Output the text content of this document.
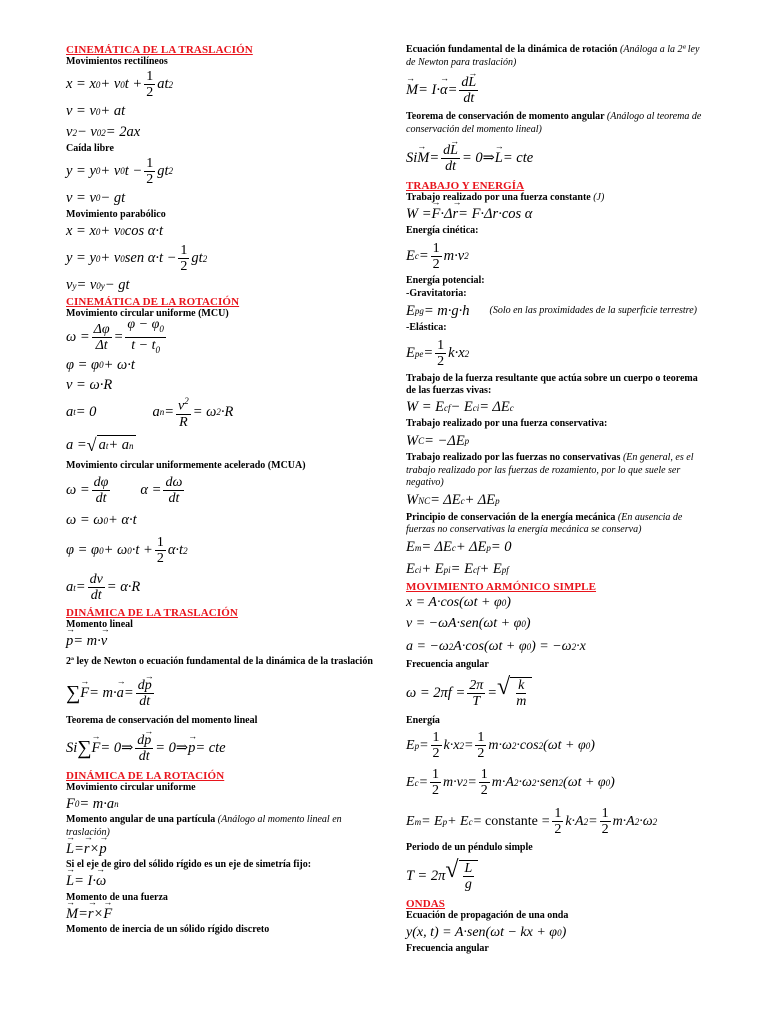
CINEMÁTICA DE LA TRASLACIÓN
Movimientos rectilíneos
x = x 0 + v 0 $t + \frac{1}{2}$ at 2
v = v 0 + at
v 2 − v 0 2 = 2ax
Caída libre
y = y 0 + v 0 $t - \frac{1}{2}$ gt 2
v = v 0 − gt
Movimiento parabólico
x = x 0 + v 0 cos α·t
y = y 0 + v 0 sen $\alpha\cdot t - \frac{1}{2}$ gt 2
v y = v 0y − gt
CINEMÁTICA DE LA ROTACIÓN
Movimiento circular uniforme (MCU)
$\omega = \frac{\Delta\varphi}{\Delta t} = \frac{\varphi - \varphi_0}{t - t_0}$
φ = φ 0 + ω·t
v = ω·R
a t = 0	a $n = \frac{v^2}{R} = \omega$ 2 ·R
a = √ a t + a n
Movimiento circular uniformemente acelerado (MCUA)
$\omega = \frac{d\varphi}{dt}$ $\alpha = \frac{d\omega}{dt}$
ω = ω 0 + α·t
φ = φ 0 + ω $0 \cdot t + \frac{1}{2} \alpha\cdot t$ 2
a $t = \frac{dv}{dt} = \alpha\cdot R$
DINÁMICA DE LA TRASLACIÓN
Momento lineal
→ p = m·
→ v
2ª ley de Newton o ecuación fundamental de la dinámica de la traslación
∑
→ F = m·
→ $a = \frac{d\to p}{dt}$
Teorema de conservación del momento lineal
Si ∑
→ F = 0 ⇒ $\frac{d\to p}{dt} = 0$ ⇒
→ p = cte
DINÁMICA DE LA ROTACIÓN
Movimiento circular uniforme
F 0 = m·a n
Momento angular de una partícula (Análogo al momento lineal en traslación)
→ L =
→ r ×
→ p
Si el eje de giro del sólido rígido es un eje de simetría fijo:
→ L = I·
→ ω
Momento de una fuerza
→ M =
→ r ×
→ F
Momento de inercia de un sólido rígido discreto
Ecuación fundamental de la dinámica de rotación (Análoga a la 2ª ley de Newton para traslación)
→ M = I·
→ $\alpha = \frac{d\to L}{dt}$
Teorema de conservación de momento angular (Análogo al teorema de conservación del momento lineal)
Si
→ $M = \frac{d\to L}{dt} = 0$ ⇒
→ L = cte
TRABAJO Y ENERGÍA
Trabajo realizado por una fuerza constante (J)
W =
→ F ·Δ
→ r = F·Δr·cos α
Energía cinética:
E $c = \frac{1}{2} m\cdot v$ 2
Energía potencial:
-Gravitatoria:
E pg = m·g·h (Solo en las proximidades de la superficie terrestre)
-Elástica:
E pe = $\frac{1}{2} k\cdot x$ 2
Trabajo de la fuerza resultante que actúa sobre un cuerpo o teorema de las fuerzas vivas:
W = E cf − E ci = ΔE c
Trabajo realizado por una fuerza conservativa:
W C = −ΔE p
Trabajo realizado por las fuerzas no conservativas (En general, es el trabajo realizado por las fuerzas de rozamiento, por lo que suele ser negativo)
W NC = ΔE c + ΔE p
Principio de conservación de la energía mecánica (En ausencia de fuerzas no conservativas la energía mecánica se conserva)
E m = ΔE c + ΔE p = 0
E ci + E pi = E cf + E pf
MOVIMIENTO ARMÓNICO SIMPLE
x = A·cos(ωt + φ 0 )
v = −ωA·sen(ωt + φ 0 )
a = −ω 2 A·cos(ωt + φ 0 ) = −ω 2 ·x
Frecuencia angular
$\omega = 2\pi f = \frac{2\pi}{T}$ = √ $\frac{k}{m}$
Energía
E $p = \frac{1}{2} k\cdot x$ $2 = \frac{1}{2} m\cdot\omega$ 2 ·cos 2 (ωt + φ 0 )
E $c = \frac{1}{2} m\cdot v$ $2 = \frac{1}{2} m\cdot A$ 2 ·ω 2 ·sen 2 (ωt + φ 0 )
E m = E p + E c = constante = $\frac{1}{2} k\cdot A$ $2 = \frac{1}{2} m\cdot A$ 2 ·ω 2
Periodo de un péndulo simple
T = 2π √ $\frac{L}{g}$
ONDAS
Ecuación de propagación de una onda
y(x, t) = A·sen(ωt − kx + φ 0 )
Frecuencia angular
